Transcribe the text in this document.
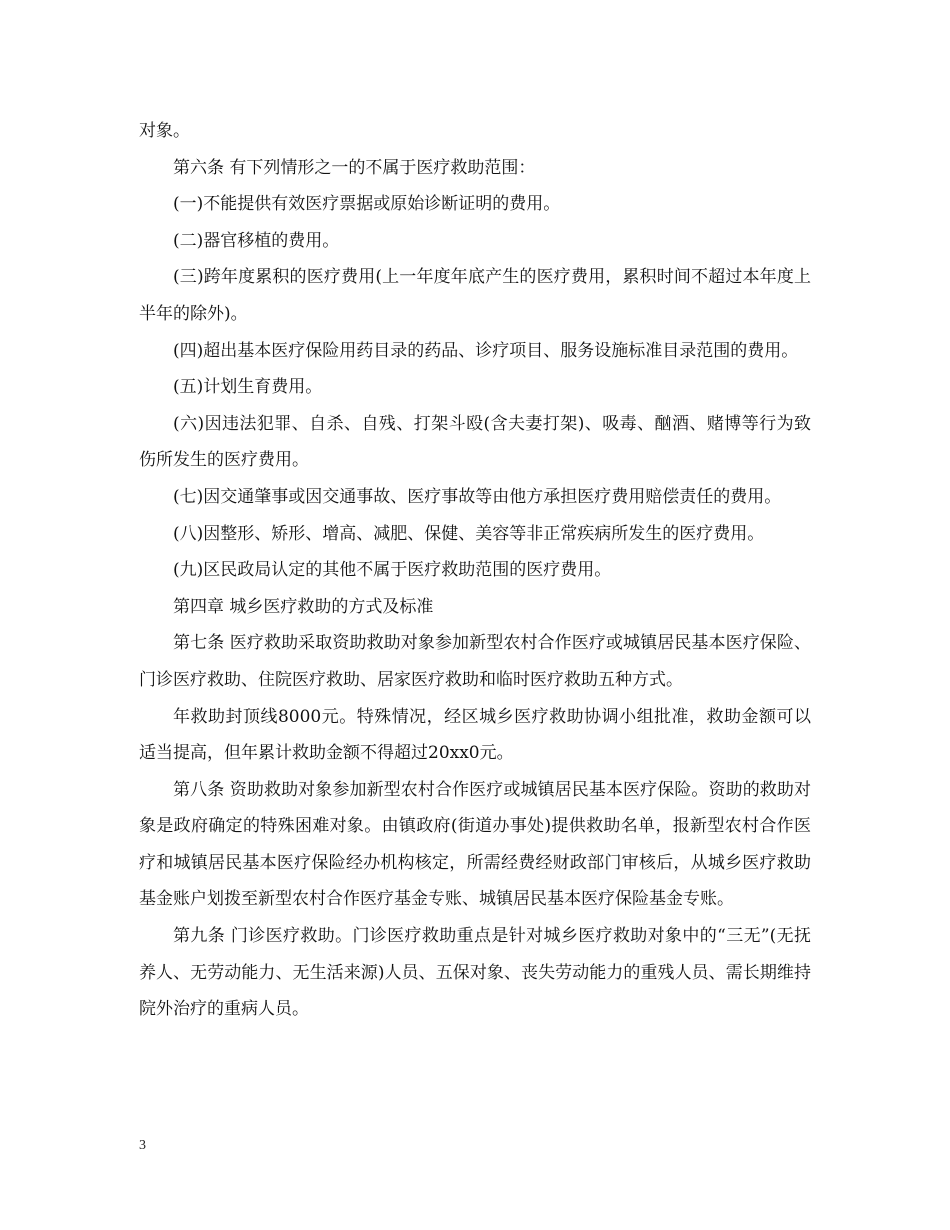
对象。

第六条 有下列情形之一的不属于医疗救助范围：

(一)不能提供有效医疗票据或原始诊断证明的费用。

(二)器官移植的费用。

(三)跨年度累积的医疗费用(上一年度年底产生的医疗费用，累积时间不超过本年度上半年的除外)。

(四)超出基本医疗保险用药目录的药品、诊疗项目、服务设施标准目录范围的费用。

(五)计划生育费用。

(六)因违法犯罪、自杀、自残、打架斗殴(含夫妻打架)、吸毒、酗酒、赌博等行为致伤所发生的医疗费用。

(七)因交通肇事或因交通事故、医疗事故等由他方承担医疗费用赔偿责任的费用。

(八)因整形、矫形、增高、减肥、保健、美容等非正常疾病所发生的医疗费用。

(九)区民政局认定的其他不属于医疗救助范围的医疗费用。

第四章 城乡医疗救助的方式及标准

第七条 医疗救助采取资助救助对象参加新型农村合作医疗或城镇居民基本医疗保险、门诊医疗救助、住院医疗救助、居家医疗救助和临时医疗救助五种方式。

年救助封顶线8000元。特殊情况，经区城乡医疗救助协调小组批准，救助金额可以适当提高，但年累计救助金额不得超过20xx0元。

第八条 资助救助对象参加新型农村合作医疗或城镇居民基本医疗保险。资助的救助对象是政府确定的特殊困难对象。由镇政府(街道办事处)提供救助名单，报新型农村合作医疗和城镇居民基本医疗保险经办机构核定，所需经费经财政部门审核后，从城乡医疗救助基金账户划拨至新型农村合作医疗基金专账、城镇居民基本医疗保险基金专账。

第九条 门诊医疗救助。门诊医疗救助重点是针对城乡医疗救助对象中的“三无”(无抚养人、无劳动能力、无生活来源)人员、五保对象、丧失劳动能力的重残人员、需长期维持院外治疗的重病人员。

3
